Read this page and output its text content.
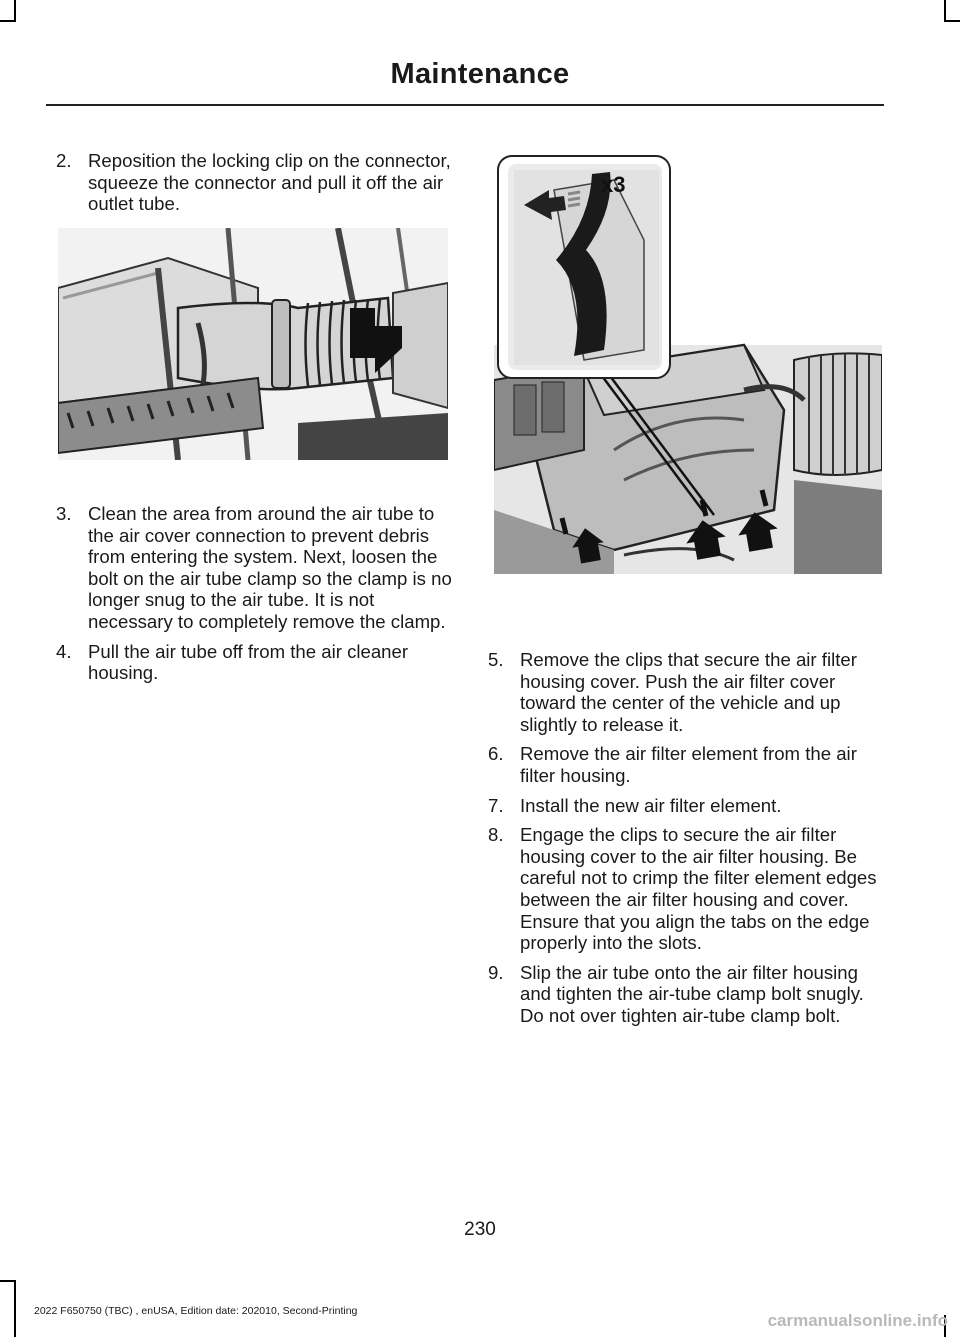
Maintenance
2. Reposition the locking clip on the connector, squeeze the connector and pull it off the air outlet tube.
3. Clean the area from around the air tube to the air cover connection to prevent debris from entering the system. Next, loosen the bolt on the air tube clamp so the clamp is no longer snug to the air tube. It is not necessary to completely remove the clamp.
4. Pull the air tube off from the air cleaner housing.
x3
5. Remove the clips that secure the air filter housing cover. Push the air filter cover toward the center of the vehicle and up slightly to release it.
6. Remove the air filter element from the air filter housing.
7. Install the new air filter element.
8. Engage the clips to secure the air filter housing cover to the air filter housing. Be careful not to crimp the filter element edges between the air filter housing and cover. Ensure that you align the tabs on the edge properly into the slots.
9. Slip the air tube onto the air filter housing and tighten the air-tube clamp bolt snugly. Do not over tighten air-tube clamp bolt.
230
2022 F650750 (TBC) , enUSA, Edition date: 202010, Second-Printing	carmanualsonline.info
